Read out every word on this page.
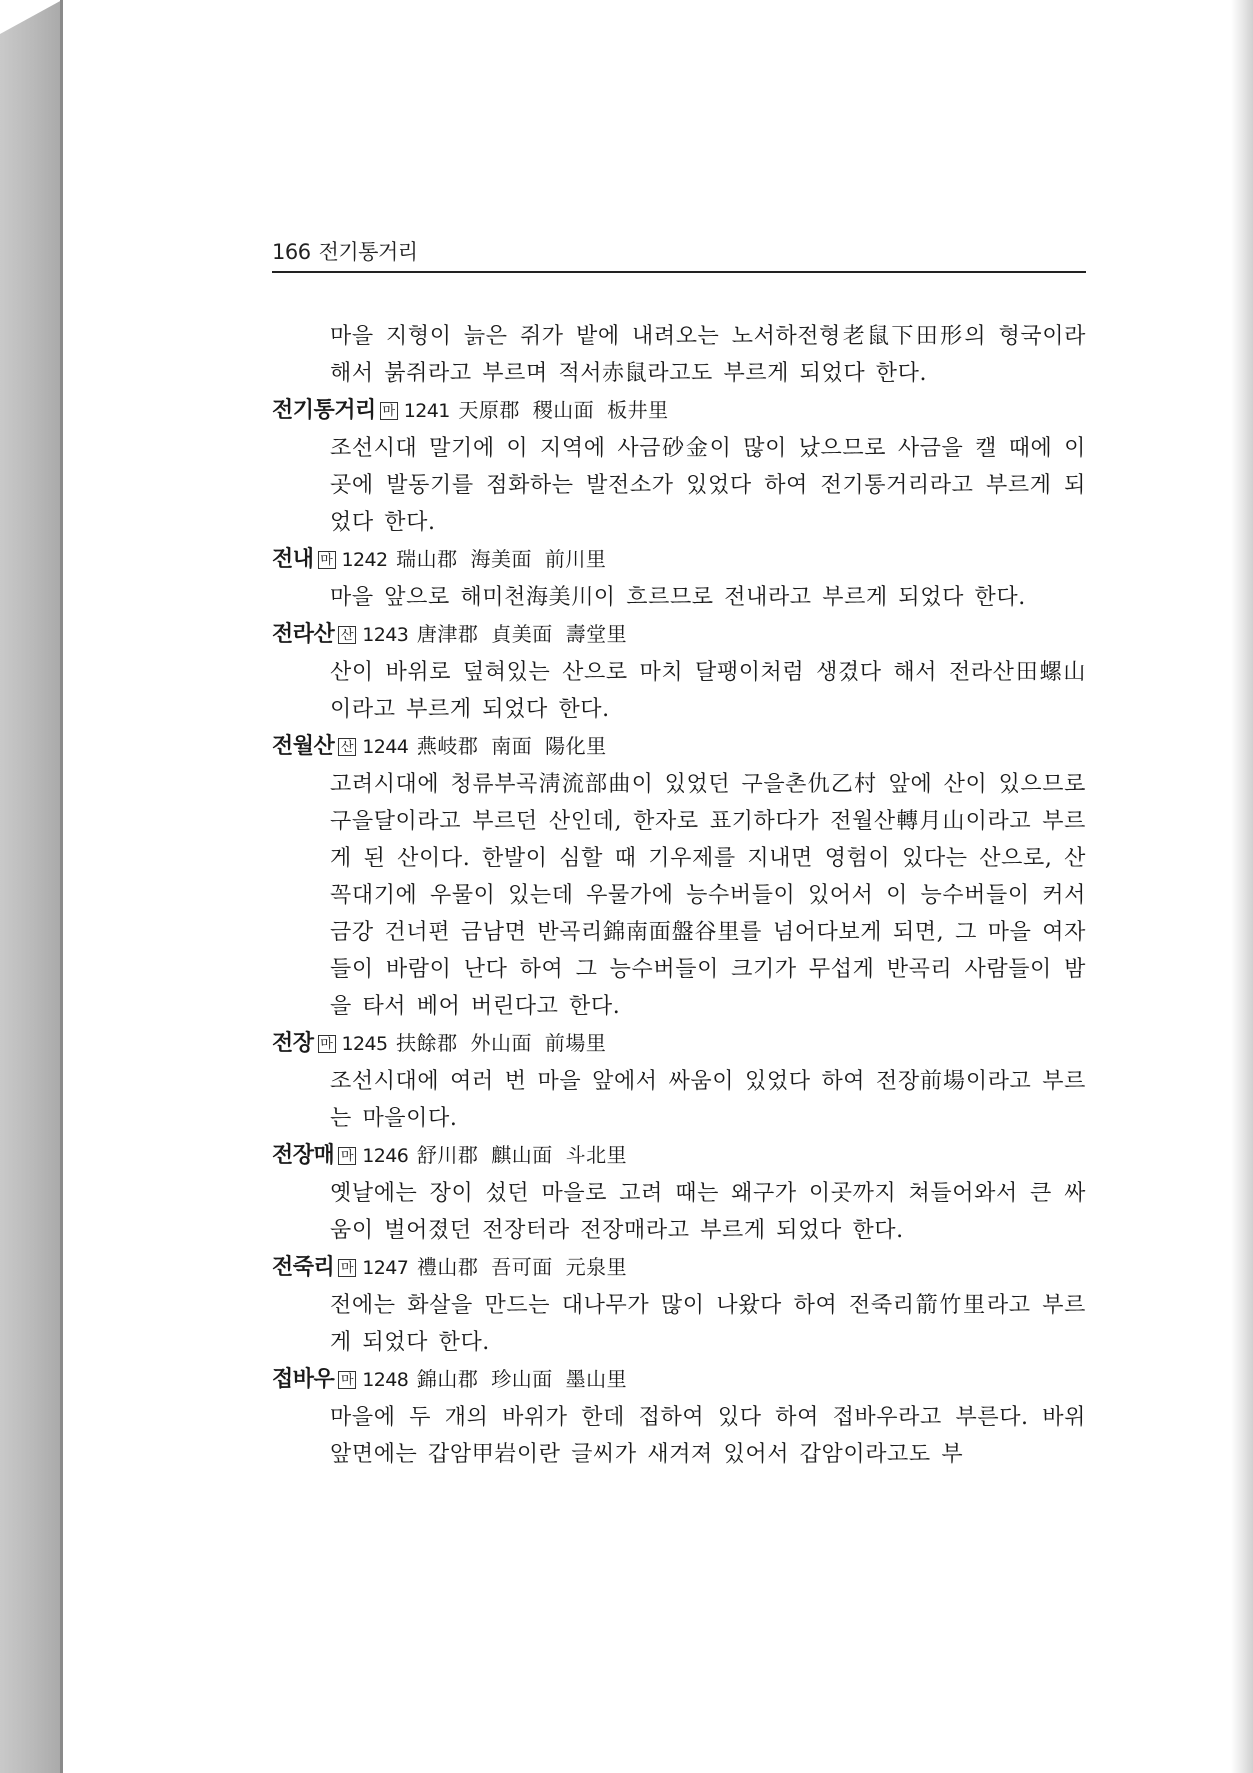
166 전기통거리
마을 지형이 늙은 쥐가 밭에 내려오는 노서하전형老鼠下田形의 형국이라 해서 붉쥐라고 부르며 적서赤鼠라고도 부르게 되었다 한다.
전기통거리 마 1241 天原郡 稷山面 板井里
조선시대 말기에 이 지역에 사금砂金이 많이 났으므로 사금을 캘 때에 이곳에 발동기를 점화하는 발전소가 있었다 하여 전기통거리라고 부르게 되었다 한다.
전내 마 1242 瑞山郡 海美面 前川里
마을 앞으로 해미천海美川이 흐르므로 전내라고 부르게 되었다 한다.
전라산 산 1243 唐津郡 貞美面 壽堂里
산이 바위로 덮혀있는 산으로 마치 달팽이처럼 생겼다 해서 전라산田螺山이라고 부르게 되었다 한다.
전월산 산 1244 燕岐郡 南面 陽化里
고려시대에 청류부곡淸流部曲이 있었던 구을촌仇乙村 앞에 산이 있으므로 구을달이라고 부르던 산인데, 한자로 표기하다가 전월산轉月山이라고 부르게 된 산이다. 한발이 심할 때 기우제를 지내면 영험이 있다는 산으로, 산 꼭대기에 우물이 있는데 우물가에 능수버들이 있어서 이 능수버들이 커서 금강 건너편 금남면 반곡리錦南面盤谷里를 넘어다보게 되면, 그 마을 여자들이 바람이 난다 하여 그 능수버들이 크기가 무섭게 반곡리 사람들이 밤을 타서 베어 버린다고 한다.
전장 마 1245 扶餘郡 外山面 前場里
조선시대에 여러 번 마을 앞에서 싸움이 있었다 하여 전장前場이라고 부르는 마을이다.
전장매 마 1246 舒川郡 麒山面 斗北里
옛날에는 장이 섰던 마을로 고려 때는 왜구가 이곳까지 쳐들어와서 큰 싸움이 벌어졌던 전장터라 전장매라고 부르게 되었다 한다.
전죽리 마 1247 禮山郡 吾可面 元泉里
전에는 화살을 만드는 대나무가 많이 나왔다 하여 전죽리箭竹里라고 부르게 되었다 한다.
접바우 마 1248 錦山郡 珍山面 墨山里
마을에 두 개의 바위가 한데 접하여 있다 하여 접바우라고 부른다. 바위 앞면에는 갑암甲岩이란 글씨가 새겨져 있어서 갑암이라고도 부
